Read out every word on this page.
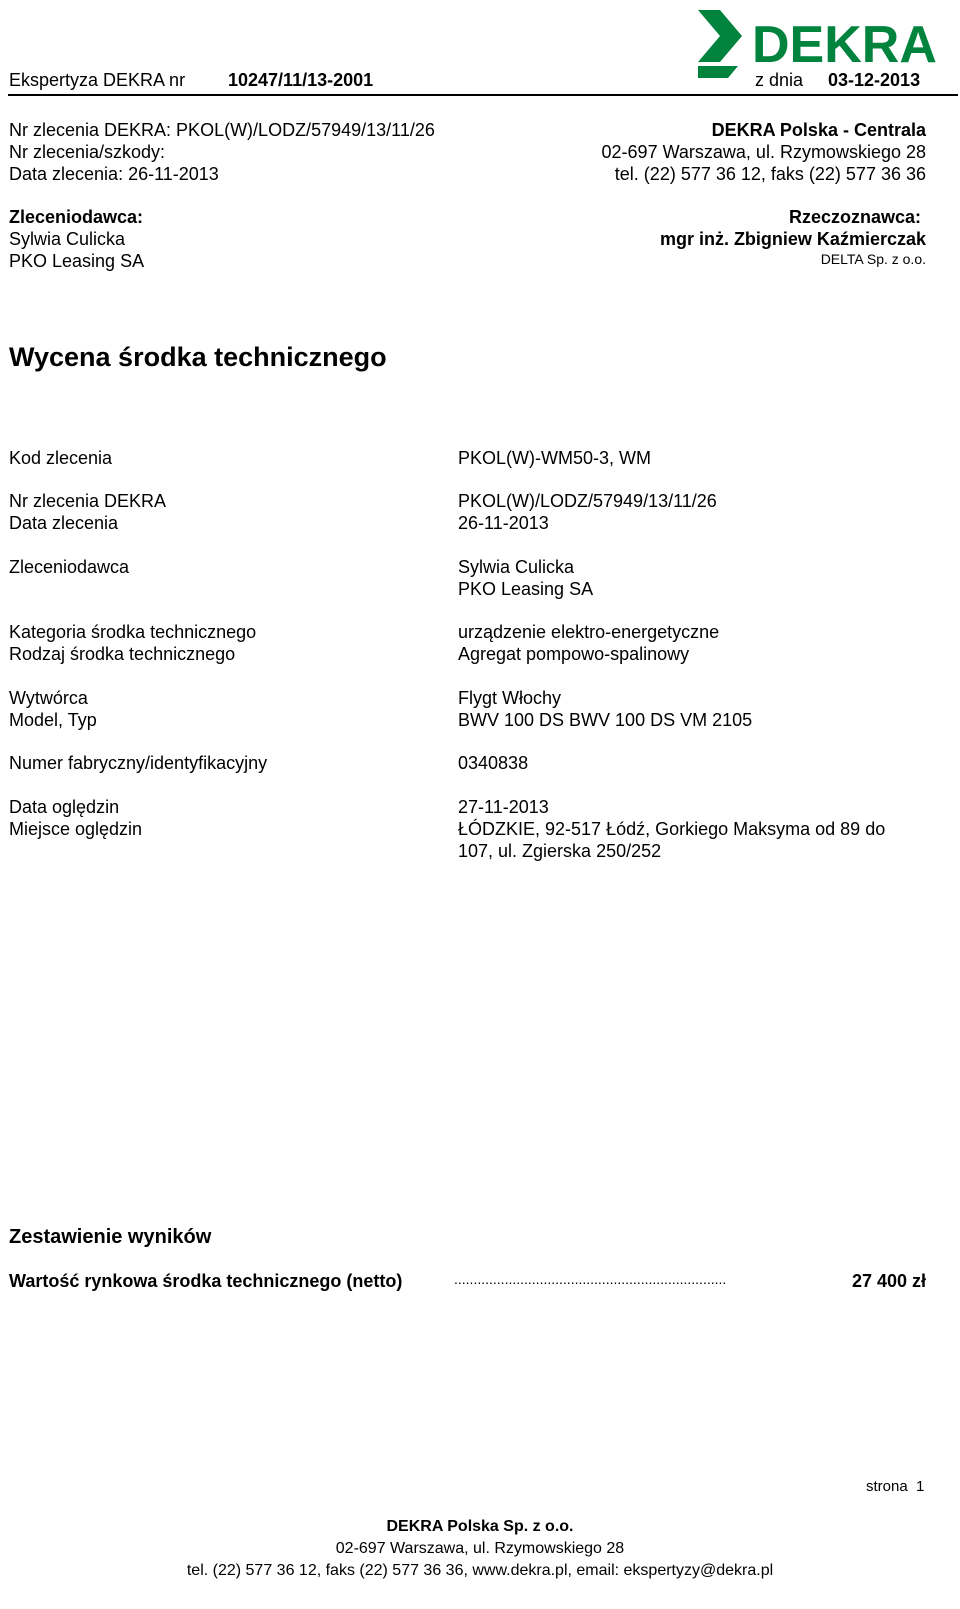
DEKRA
Ekspertyza DEKRA nr 10247/11/13-2001	z dnia 03-12-2013
Nr zlecenia DEKRA: PKOL(W)/LODZ/57949/13/11/26
Nr zlecenia/szkody:
Data zlecenia: 26-11-2013
DEKRA Polska - Centrala
02-697 Warszawa, ul. Rzymowskiego 28
tel. (22) 577 36 12, faks (22) 577 36 36
Zleceniodawca:
Sylwia Culicka
PKO Leasing SA
Rzeczoznawca:
mgr inż. Zbigniew Kaźmierczak
DELTA Sp. z o.o.
Wycena środka technicznego
Kod zlecenia	PKOL(W)-WM50-3, WM
Nr zlecenia DEKRA	PKOL(W)/LODZ/57949/13/11/26
Data zlecenia	26-11-2013
Zleceniodawca	Sylwia Culicka
PKO Leasing SA
Kategoria środka technicznego	urządzenie elektro-energetyczne
Rodzaj środka technicznego	Agregat pompowo-spalinowy
Wytwórca	Flygt Włochy
Model, Typ	BWV 100 DS BWV 100 DS VM 2105
Numer fabryczny/identyfikacyjny	0340838
Data oględzin	27-11-2013
Miejsce oględzin	ŁÓDZKIE, 92-517 Łódź, Gorkiego Maksyma od 89 do
107, ul. Zgierska 250/252
Zestawienie wyników
Wartość rynkowa środka technicznego (netto)	......................................................................	27 400 zł
strona 1
DEKRA Polska Sp. z o.o.
02-697 Warszawa, ul. Rzymowskiego 28
tel. (22) 577 36 12, faks (22) 577 36 36, www.dekra.pl, email: ekspertyzy@dekra.pl
